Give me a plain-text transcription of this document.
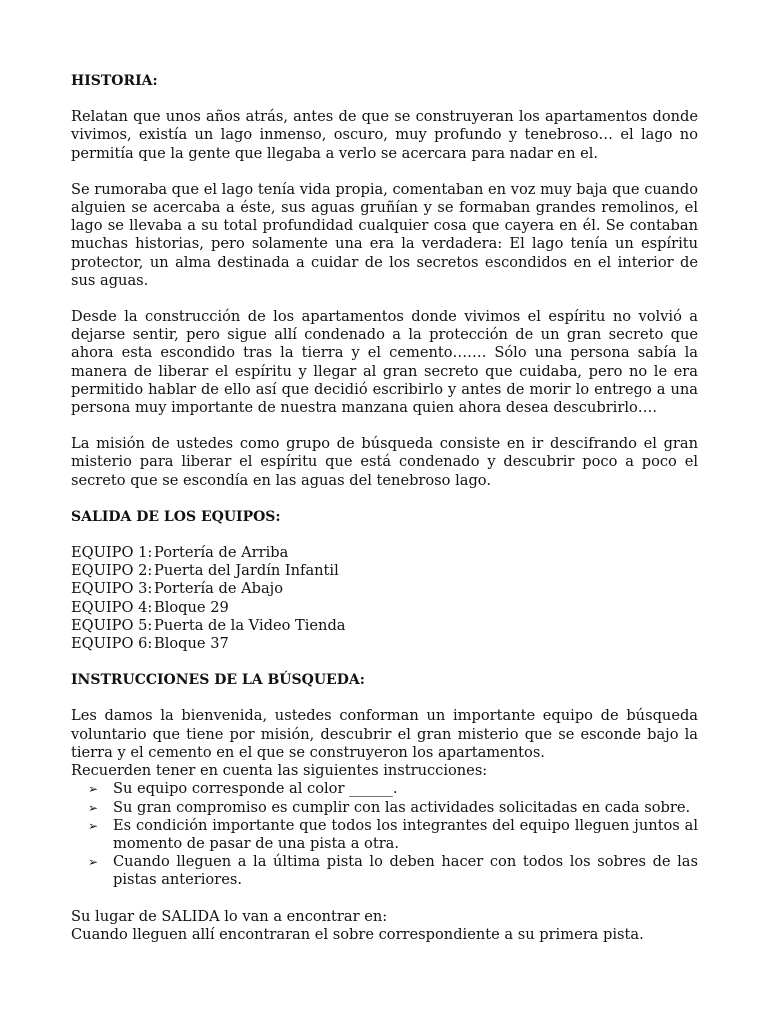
HISTORIA:

Relatan que unos años atrás, antes de que se construyeran los apartamentos donde vivimos, existía un lago inmenso, oscuro, muy profundo y tenebroso… el lago no permitía que la gente que llegaba a verlo se acercara para nadar en el.

Se rumoraba que el lago tenía vida propia, comentaban en voz muy baja que cuando alguien se acercaba a éste, sus aguas gruñían y se formaban grandes remolinos, el lago se llevaba a su total profundidad cualquier cosa que cayera en él. Se contaban muchas historias, pero solamente una era la verdadera: El lago tenía un espíritu protector, un alma destinada a cuidar de los secretos escondidos en el interior de sus aguas.

Desde la construcción de los apartamentos donde vivimos el espíritu no volvió a dejarse sentir, pero sigue allí condenado a la protección de un gran secreto que ahora esta escondido tras la tierra y el cemento……. Sólo una persona sabía la manera de liberar el espíritu y llegar al gran secreto que cuidaba, pero no le era permitido hablar de ello así que decidió escribirlo y antes de morir lo entrego a una persona muy importante de nuestra manzana quien ahora desea descubrirlo….

La misión de ustedes como grupo de búsqueda consiste en ir descifrando el gran misterio para liberar el espíritu que está condenado y descubrir poco a poco el secreto que se escondía en las aguas del tenebroso lago.

SALIDA DE LOS EQUIPOS:
EQUIPO 1: Portería de Arriba
EQUIPO 2: Puerta del Jardín Infantil
EQUIPO 3: Portería de Abajo
EQUIPO 4: Bloque 29
EQUIPO 5: Puerta de la Video Tienda
EQUIPO 6: Bloque 37
INSTRUCCIONES DE LA BÚSQUEDA:

Les damos la bienvenida, ustedes conforman un importante equipo de búsqueda voluntario que tiene por misión, descubrir el gran misterio que se esconde bajo la tierra y el cemento en el que se construyeron los apartamentos.

Recuerden tener en cuenta las siguientes instrucciones:
➢	Su equipo corresponde al color ______.
➢	Su gran compromiso es cumplir con las actividades solicitadas en cada sobre.
➢	Es condición importante que todos los integrantes del equipo lleguen juntos al momento de pasar de una pista a otra.
➢	Cuando lleguen a la última pista lo deben hacer con todos los sobres de las pistas anteriores.
Su lugar de SALIDA lo van a encontrar en:
Cuando lleguen allí encontraran el sobre correspondiente a su primera pista.
